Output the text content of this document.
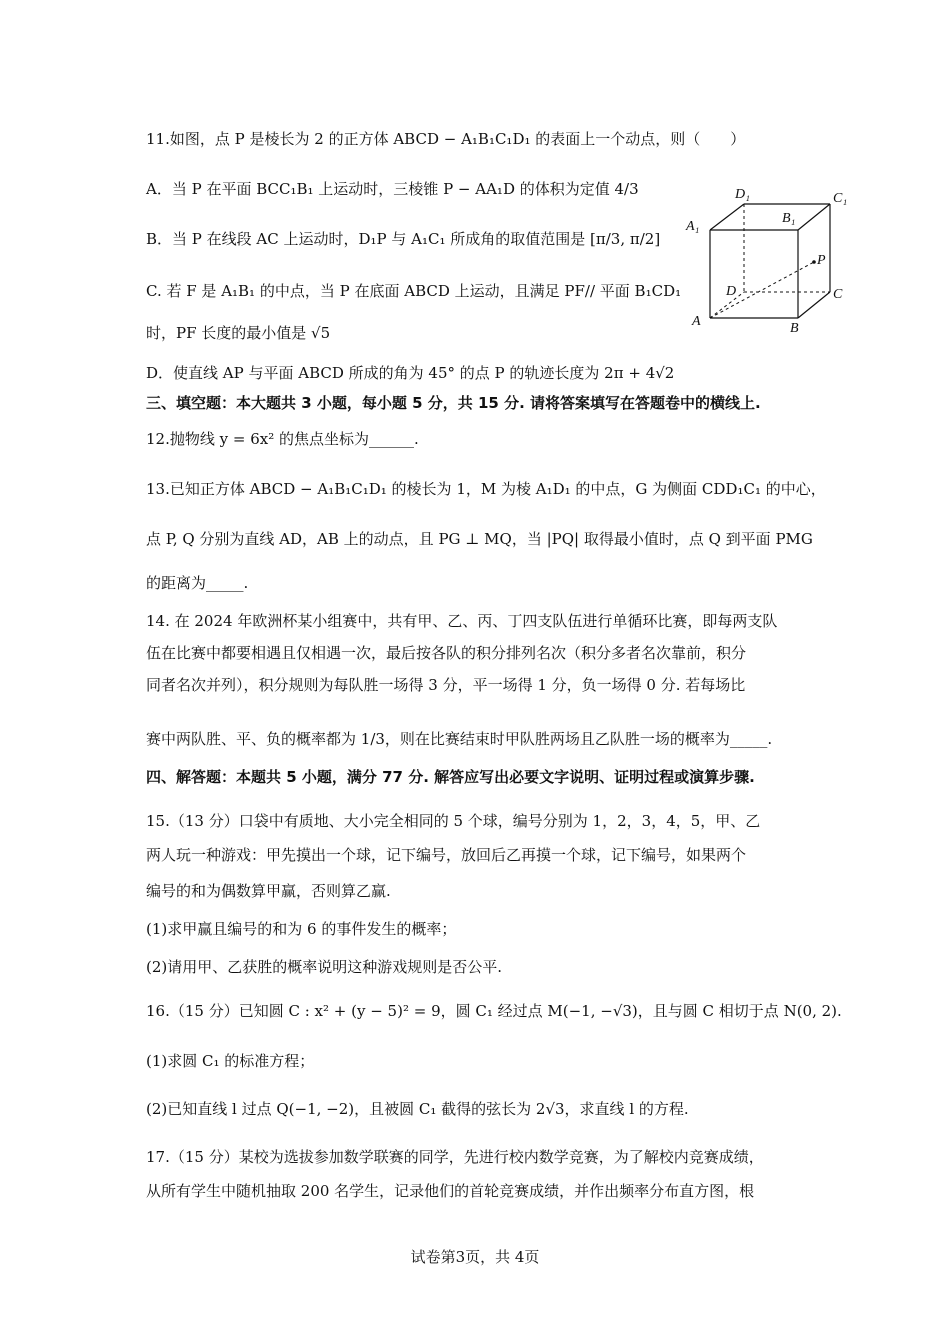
11.如图，点 P 是棱长为 2 的正方体 ABCD − A₁B₁C₁D₁ 的表面上一个动点，则（　　）
A．当 P 在平面 BCC₁B₁ 上运动时，三棱锥 P − AA₁D 的体积为定值 4/3
B．当 P 在线段 AC 上运动时，D₁P 与 A₁C₁ 所成角的取值范围是 [π/3, π/2]
C. 若 F 是 A₁B₁ 的中点，当 P 在底面 ABCD 上运动，且满足 PF// 平面 B₁CD₁
时，PF 长度的最小值是 √5
D．使直线 AP 与平面 ABCD 所成的角为 45° 的点 P 的轨迹长度为 2π + 4√2
D₁	C₁
A₁
B₁
P
D	C
A	B
三、填空题：本大题共 3 小题，每小题 5 分，共 15 分. 请将答案填写在答题卷中的横线上.
12.抛物线 y = 6x² 的焦点坐标为______.
13.已知正方体 ABCD − A₁B₁C₁D₁ 的棱长为 1，M 为棱 A₁D₁ 的中点，G 为侧面 CDD₁C₁ 的中心，
点 P, Q 分别为直线 AD，AB 上的动点，且 PG ⊥ MQ，当 |PQ| 取得最小值时，点 Q 到平面 PMG
的距离为_____.
14. 在 2024 年欧洲杯某小组赛中，共有甲、乙、丙、丁四支队伍进行单循环比赛，即每两支队
伍在比赛中都要相遇且仅相遇一次，最后按各队的积分排列名次（积分多者名次靠前，积分
同者名次并列），积分规则为每队胜一场得 3 分，平一场得 1 分，负一场得 0 分. 若每场比
赛中两队胜、平、负的概率都为 1/3，则在比赛结束时甲队胜两场且乙队胜一场的概率为_____.
四、解答题：本题共 5 小题，满分 77 分. 解答应写出必要文字说明、证明过程或演算步骤.
15.（13 分）口袋中有质地、大小完全相同的 5 个球，编号分别为 1，2，3，4，5，甲、乙
两人玩一种游戏：甲先摸出一个球，记下编号，放回后乙再摸一个球，记下编号，如果两个
编号的和为偶数算甲赢，否则算乙赢.
(1)求甲赢且编号的和为 6 的事件发生的概率；
(2)请用甲、乙获胜的概率说明这种游戏规则是否公平.
16.（15 分）已知圆 C : x² + (y − 5)² = 9，圆 C₁ 经过点 M(−1, −√3)，且与圆 C 相切于点 N(0, 2).
(1)求圆 C₁ 的标准方程；
(2)已知直线 l 过点 Q(−1, −2)，且被圆 C₁ 截得的弦长为 2√3，求直线 l 的方程.
17.（15 分）某校为选拔参加数学联赛的同学，先进行校内数学竞赛，为了解校内竞赛成绩，
从所有学生中随机抽取 200 名学生，记录他们的首轮竞赛成绩，并作出频率分布直方图，根
试卷第3页，共 4页
